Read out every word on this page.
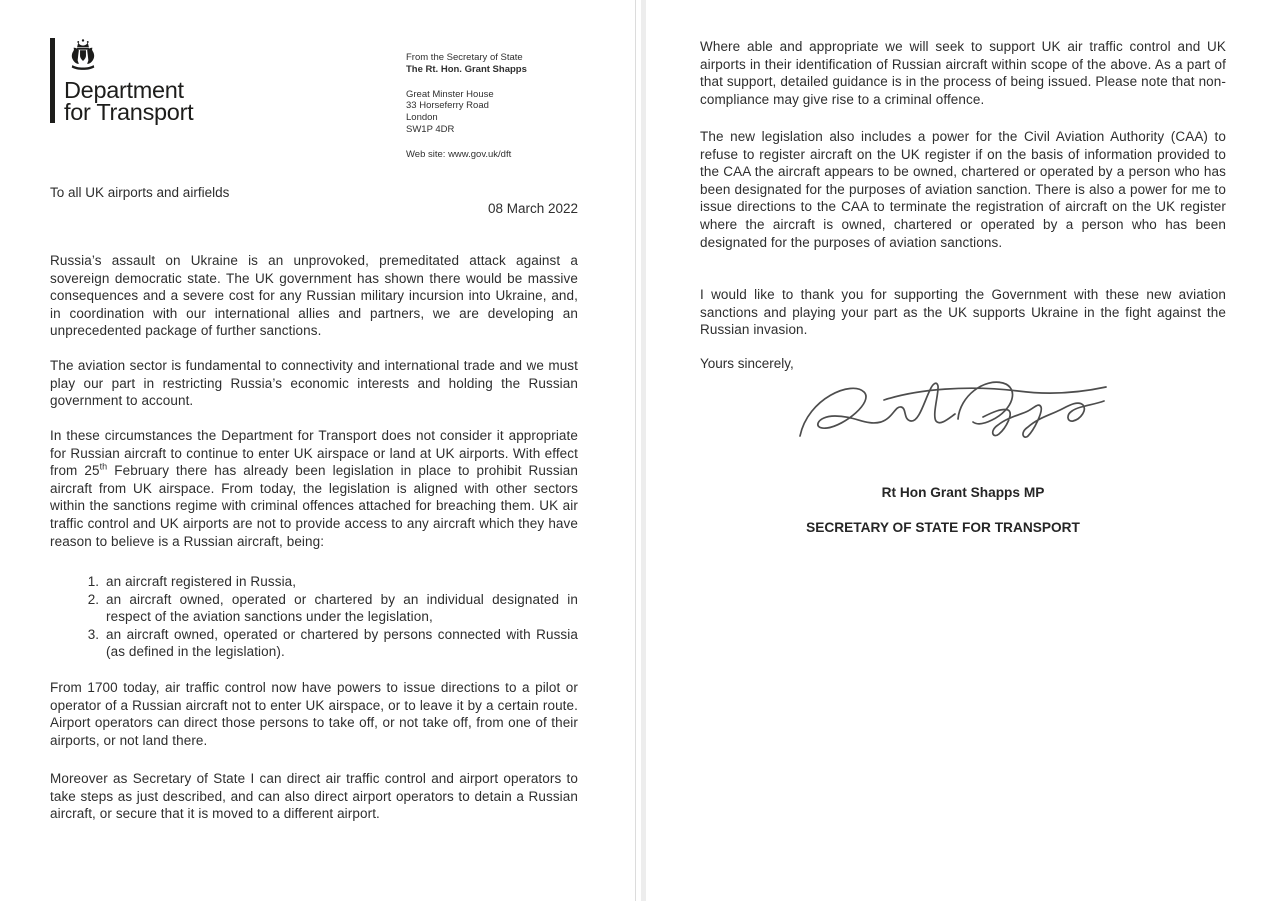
Department
for Transport
From the Secretary of State
The Rt. Hon. Grant Shapps
Great Minster House
33 Horseferry Road
London
SW1P 4DR
Web site: www.gov.uk/dft
To all UK airports and airfields
08 March 2022

Russia’s assault on Ukraine is an unprovoked, premeditated attack against a sovereign democratic state. The UK government has shown there would be massive consequences and a severe cost for any Russian military incursion into Ukraine, and, in coordination with our international allies and partners, we are developing an unprecedented package of further sanctions.

The aviation sector is fundamental to connectivity and international trade and we must play our part in restricting Russia’s economic interests and holding the Russian government to account.

In these circumstances the Department for Transport does not consider it appropriate for Russian aircraft to continue to enter UK airspace or land at UK airports. With effect from 25th February there has already been legislation in place to prohibit Russian aircraft from UK airspace. From today, the legislation is aligned with other sectors within the sanctions regime with criminal offences attached for breaching them. UK air traffic control and UK airports are not to provide access to any aircraft which they have reason to believe is a Russian aircraft, being:

1. an aircraft registered in Russia,
2. an aircraft owned, operated or chartered by an individual designated in respect of the aviation sanctions under the legislation,
3. an aircraft owned, operated or chartered by persons connected with Russia (as defined in the legislation).

From 1700 today, air traffic control now have powers to issue directions to a pilot or operator of a Russian aircraft not to enter UK airspace, or to leave it by a certain route. Airport operators can direct those persons to take off, or not take off, from one of their airports, or not land there.

Moreover as Secretary of State I can direct air traffic control and airport operators to take steps as just described, and can also direct airport operators to detain a Russian aircraft, or secure that it is moved to a different airport.

Where able and appropriate we will seek to support UK air traffic control and UK airports in their identification of Russian aircraft within scope of the above. As a part of that support, detailed guidance is in the process of being issued. Please note that non-compliance may give rise to a criminal offence.

The new legislation also includes a power for the Civil Aviation Authority (CAA) to refuse to register aircraft on the UK register if on the basis of information provided to the CAA the aircraft appears to be owned, chartered or operated by a person who has been designated for the purposes of aviation sanction. There is also a power for me to issue directions to the CAA to terminate the registration of aircraft on the UK register where the aircraft is owned, chartered or operated by a person who has been designated for the purposes of aviation sanctions.

I would like to thank you for supporting the Government with these new aviation sanctions and playing your part as the UK supports Ukraine in the fight against the Russian invasion.

Yours sincerely,
Rt Hon Grant Shapps MP
SECRETARY OF STATE FOR TRANSPORT
